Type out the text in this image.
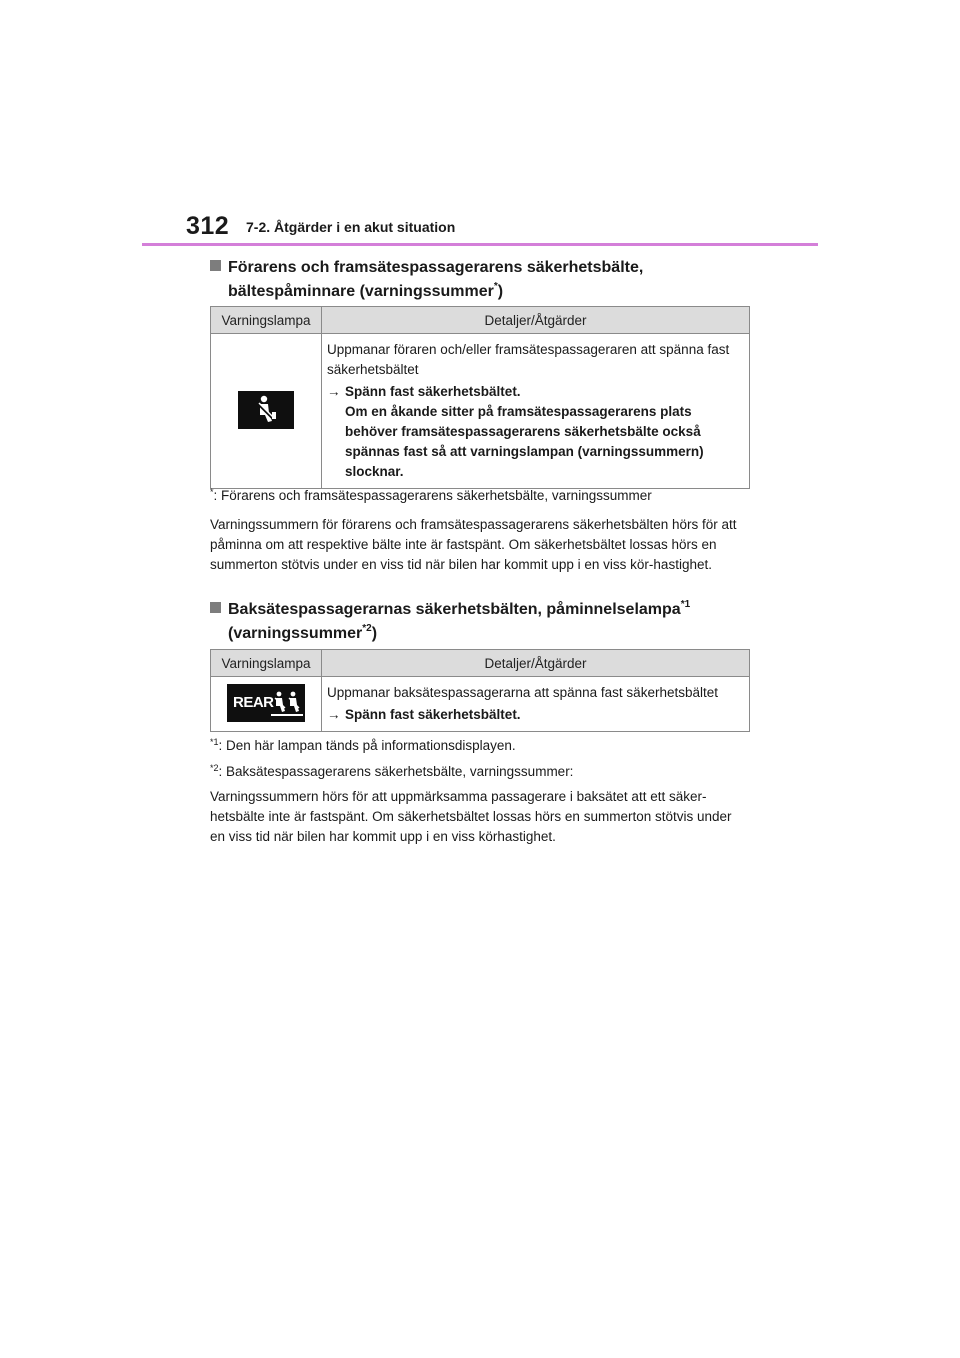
312 7-2. Åtgärder i en akut situation
Förarens och framsätespassagerarens säkerhetsbälte,
bältespåminnare (varningssummer*)
Varningslampa	Detaljer/Åtgärder

Uppmanar föraren och/eller framsätespassageraren att spänna fast säkerhetsbältet
→ Spänn fast säkerhetsbältet.
Om en åkande sitter på framsätespassagerarens plats behöver framsätespassagerarens säkerhetsbälte också spännas fast så att varningslampan (varningssummern) slocknar.
*: Förarens och framsätespassagerarens säkerhetsbälte, varningssummer
Varningssummern för förarens och framsätespassagerarens säkerhetsbälten hörs för att påminna om att respektive bälte inte är fastspänt. Om säkerhetsbältet lossas hörs en summerton stötvis under en viss tid när bilen har kommit upp i en viss kör-hastighet.
Baksätespassagerarnas säkerhetsbälten, påminnelselampa$^{*1}$
(varningssummer$^{*2}$)
Varningslampa	Detaljer/Åtgärder

REAR	Uppmanar baksätespassagerarna att spänna fast säkerhetsbältet
→ Spänn fast säkerhetsbältet.
$^{*1}$: Den här lampan tänds på informationsdisplayen.
$^{*2}$: Baksätespassagerarens säkerhetsbälte, varningssummer:
Varningssummern hörs för att uppmärksamma passagerare i baksätet att ett säker-hetsbälte inte är fastspänt. Om säkerhetsbältet lossas hörs en summerton stötvis under en viss tid när bilen har kommit upp i en viss körhastighet.
